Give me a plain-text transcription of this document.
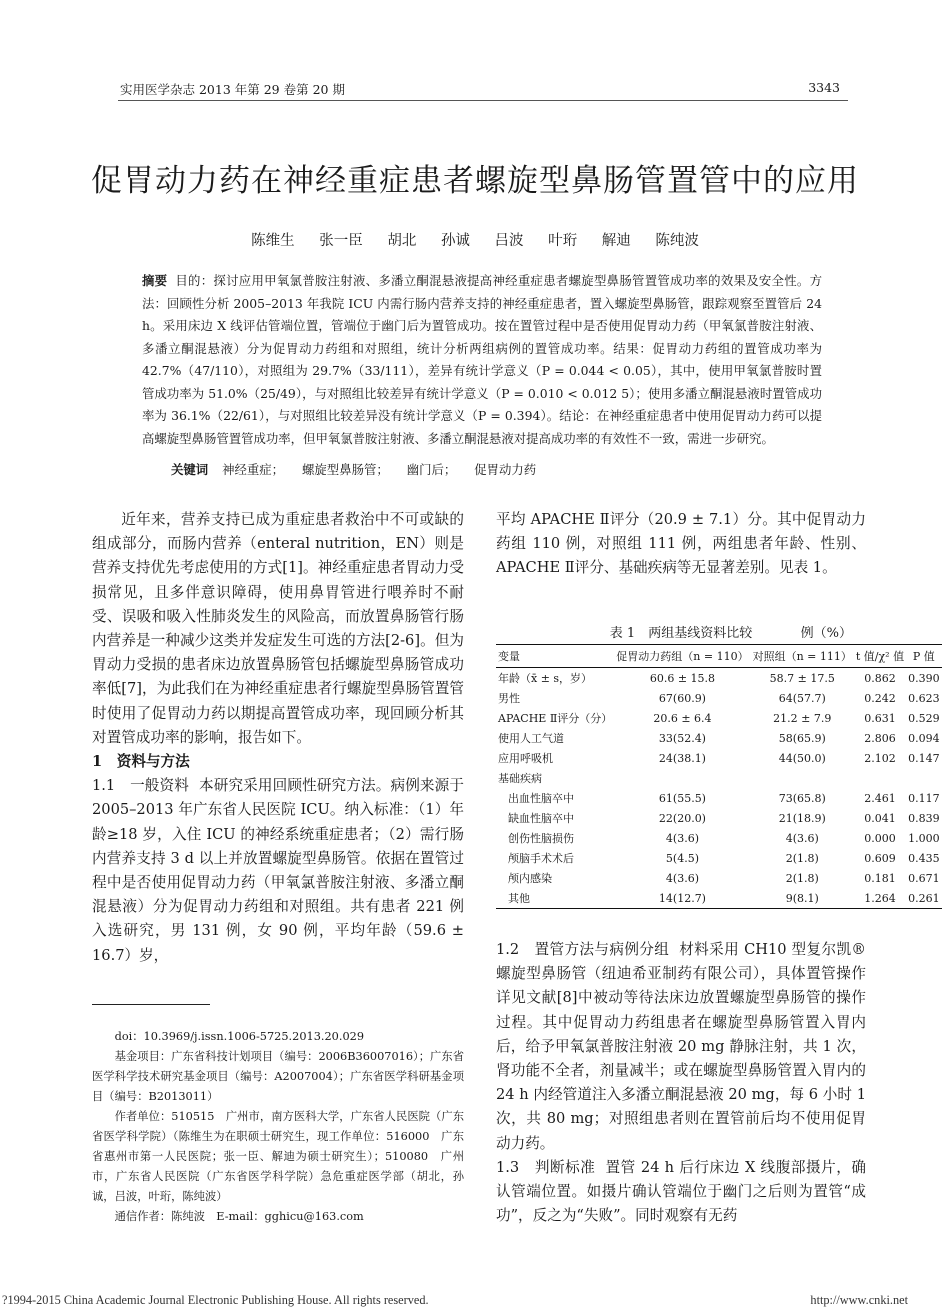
实用医学杂志 2013 年第 29 卷第 20 期	3343
促胃动力药在神经重症患者螺旋型鼻肠管置管中的应用
陈维生 张一臣 胡北 孙诚 吕波 叶珩 解迪 陈纯波
摘要 目的：探讨应用甲氧氯普胺注射液、多潘立酮混悬液提高神经重症患者螺旋型鼻肠管置管成功率的效果及安全性。方法：回顾性分析 2005–2013 年我院 ICU 内需行肠内营养支持的神经重症患者，置入螺旋型鼻肠管，跟踪观察至置管后 24 h。采用床边 X 线评估管端位置，管端位于幽门后为置管成功。按在置管过程中是否使用促胃动力药（甲氧氯普胺注射液、多潘立酮混悬液）分为促胃动力药组和对照组，统计分析两组病例的置管成功率。结果：促胃动力药组的置管成功率为 42.7%（47/110），对照组为 29.7%（33/111），差异有统计学意义（P = 0.044 < 0.05），其中，使用甲氧氯普胺时置管成功率为 51.0%（25/49），与对照组比较差异有统计学意义（P = 0.010 < 0.012 5）；使用多潘立酮混悬液时置管成功率为 36.1%（22/61），与对照组比较差异没有统计学意义（P = 0.394）。结论：在神经重症患者中使用促胃动力药可以提高螺旋型鼻肠管置管成功率，但甲氧氯普胺注射液、多潘立酮混悬液对提高成功率的有效性不一致，需进一步研究。
关键词 神经重症； 螺旋型鼻肠管； 幽门后； 促胃动力药

近年来，营养支持已成为重症患者救治中不可或缺的组成部分，而肠内营养（enteral nutrition，EN）则是营养支持优先考虑使用的方式[1]。神经重症患者胃动力受损常见，且多伴意识障碍，使用鼻胃管进行喂养时不耐受、误吸和吸入性肺炎发生的风险高，而放置鼻肠管行肠内营养是一种减少这类并发症发生可选的方法[2-6]。但为胃动力受损的患者床边放置鼻肠管包括螺旋型鼻肠管成功率低[7]，为此我们在为神经重症患者行螺旋型鼻肠管置管时使用了促胃动力药以期提高置管成功率，现回顾分析其对置管成功率的影响，报告如下。

1　资料与方法

1.1　一般资料 本研究采用回顾性研究方法。病例来源于 2005–2013 年广东省人民医院 ICU。纳入标准：（1）年龄≥18 岁，入住 ICU 的神经系统重症患者；（2）需行肠内营养支持 3 d 以上并放置螺旋型鼻肠管。依据在置管过程中是否使用促胃动力药（甲氧氯普胺注射液、多潘立酮混悬液）分为促胃动力药组和对照组。共有患者 221 例入选研究，男 131 例，女 90 例，平均年龄（59.6 ± 16.7）岁，

doi：10.3969/j.issn.1006-5725.2013.20.029

基金项目：广东省科技计划项目（编号：2006B36007016）；广东省医学科学技术研究基金项目（编号：A2007004）；广东省医学科研基金项目（编号：B2013011）

作者单位：510515　广州市，南方医科大学，广东省人民医院（广东省医学科学院）（陈维生为在职硕士研究生，现工作单位：516000　广东省惠州市第一人民医院；张一臣、解迪为硕士研究生）；510080　广州市，广东省人民医院（广东省医学科学院）急危重症医学部（胡北，孙诚，吕波，叶珩，陈纯波）

通信作者：陈纯波　E-mail：gghicu@163.com

平均 APACHE Ⅱ评分（20.9 ± 7.1）分。其中促胃动力药组 110 例，对照组 111 例，两组患者年龄、性别、APACHE Ⅱ评分、基础疾病等无显著差别。见表 1。

表 1　两组基线资料比较	例（%）
变量	促胃动力药组（n = 110）	对照组（n = 111）	t 值/χ² 值	P 值
年龄（x̄ ± s，岁）	60.6 ± 15.8	58.7 ± 17.5	0.862	0.390
男性	67(60.9)	64(57.7)	0.242	0.623
APACHE Ⅱ评分（分）	20.6 ± 6.4	21.2 ± 7.9	0.631	0.529
使用人工气道	33(52.4)	58(65.9)	2.806	0.094
应用呼吸机	24(38.1)	44(50.0)	2.102	0.147
基础疾病				
出血性脑卒中	61(55.5)	73(65.8)	2.461	0.117
缺血性脑卒中	22(20.0)	21(18.9)	0.041	0.839
创伤性脑损伤	4(3.6)	4(3.6)	0.000	1.000
颅脑手术术后	5(4.5)	2(1.8)	0.609	0.435
颅内感染	4(3.6)	2(1.8)	0.181	0.671
其他	14(12.7)	9(8.1)	1.264	0.261

1.2　置管方法与病例分组 材料采用 CH10 型复尔凯® 螺旋型鼻肠管（纽迪希亚制药有限公司），具体置管操作详见文献[8]中被动等待法床边放置螺旋型鼻肠管的操作过程。其中促胃动力药组患者在螺旋型鼻肠管置入胃内后，给予甲氧氯普胺注射液 20 mg 静脉注射，共 1 次，肾功能不全者，剂量减半；或在螺旋型鼻肠管置入胃内的 24 h 内经管道注入多潘立酮混悬液 20 mg，每 6 小时 1 次，共 80 mg；对照组患者则在置管前后均不使用促胃动力药。

1.3　判断标准 置管 24 h 后行床边 X 线腹部摄片，确认管端位置。如摄片确认管端位于幽门之后则为置管“成功”，反之为“失败”。同时观察有无药

?1994-2015 China Academic Journal Electronic Publishing House. All rights reserved.	http://www.cnki.net
